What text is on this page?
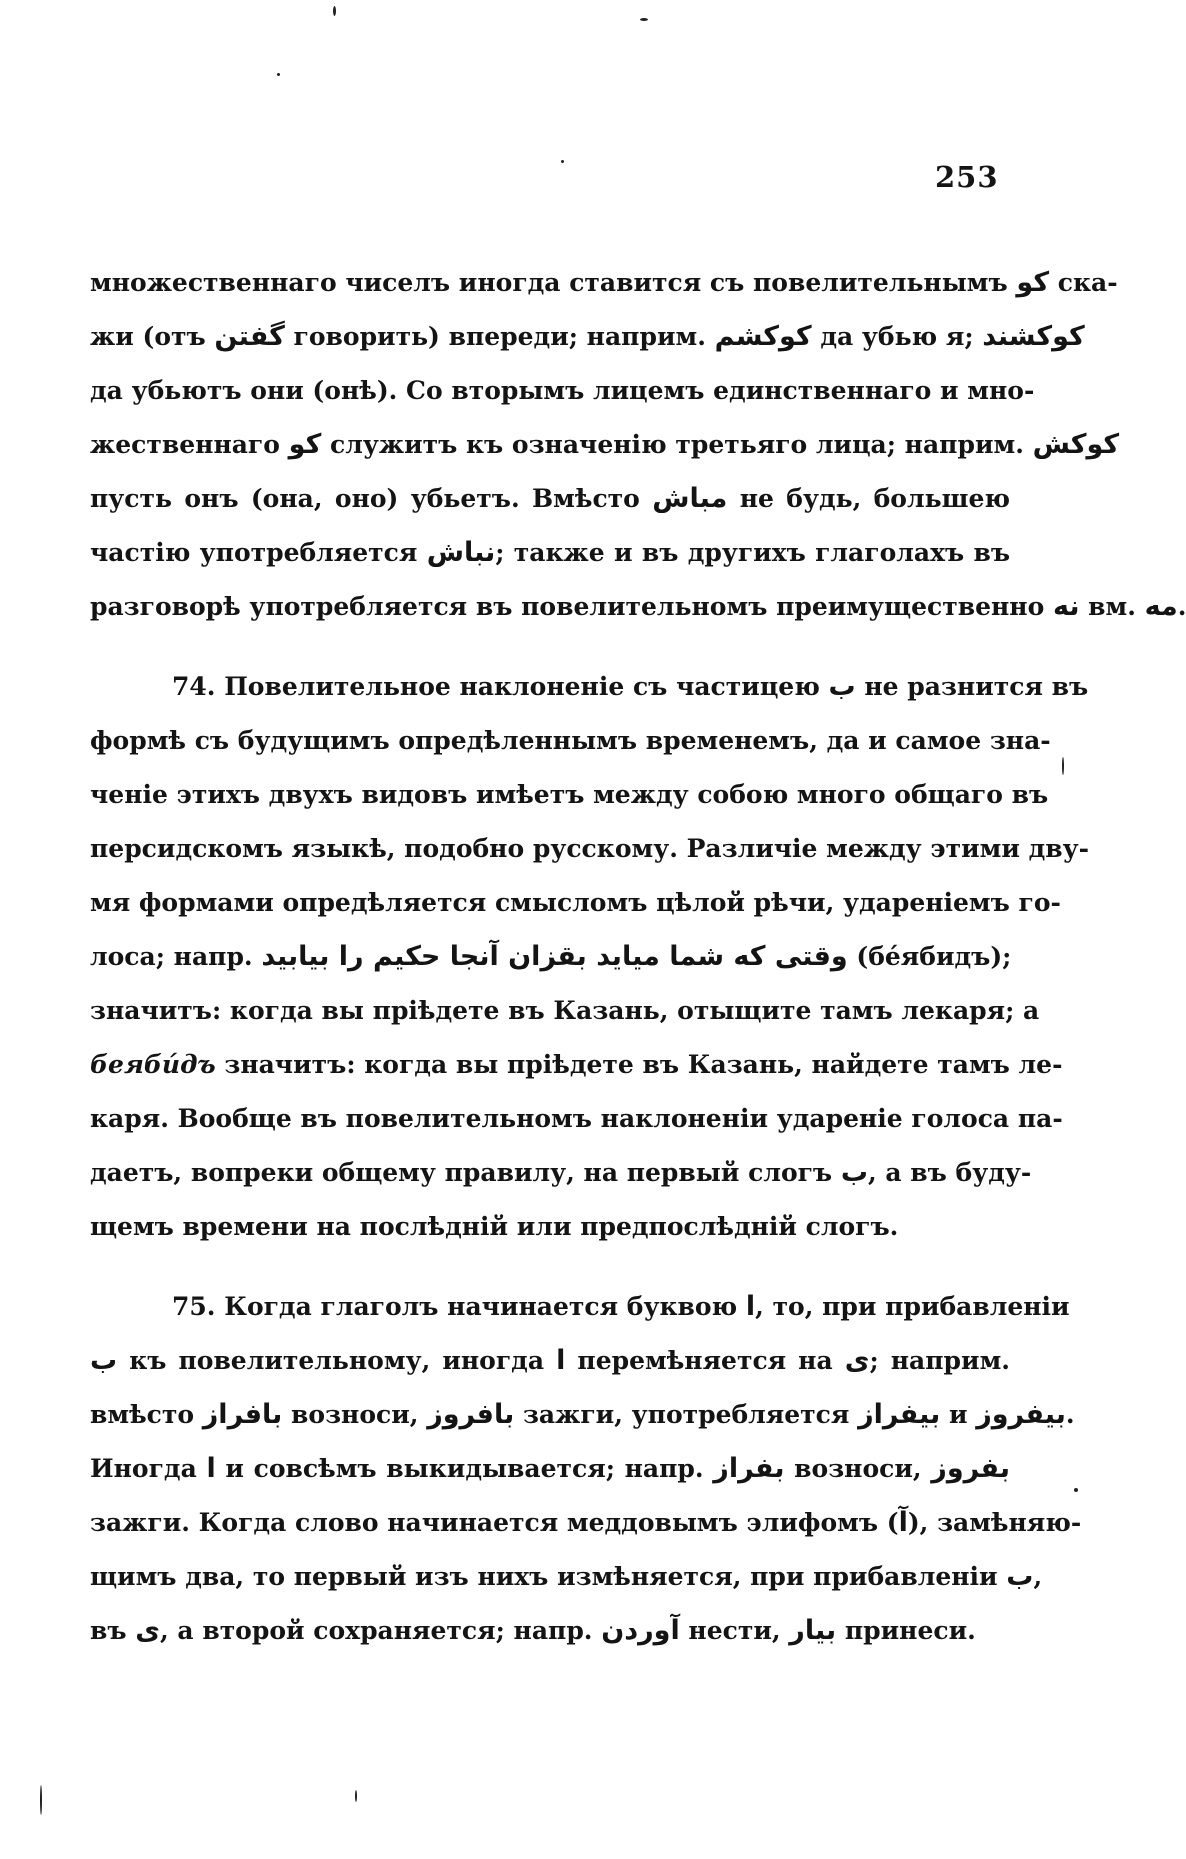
253
множественнаго чиселъ иногда ставится съ повелительнымъ کو ска-
жи (отъ گفتن говорить) впереди; наприм. کوکشم да убью я; کوکشند
да убьютъ они (онѣ). Со вторымъ лицемъ единственнаго и мно-
жественнаго کو служитъ къ означенію третьяго лица; наприм. کوکش
пусть онъ (она, оно) убьетъ. Вмѣсто مباش не будь, большею
частію употребляется نباش; также и въ другихъ глаголахъ въ
разговорѣ употребляется въ повелительномъ преимущественно نه вм. مه.
74. Повелительное наклоненіе съ частицею ب не разнится въ
формѣ съ будущимъ опредѣленнымъ временемъ, да и самое зна-
ченіе этихъ двухъ видовъ имѣетъ между собою много общаго въ
персидскомъ языкѣ, подобно русскому. Различіе между этими дву-
мя формами опредѣляется смысломъ цѣлой рѣчи, удареніемъ го-
лоса; напр. وقتی که شما میاید بقزان آنجا حکیم را بیابید (бéябидъ);
значитъ: когда вы пріѣдете въ Казань, отыщите тамъ лекаря; а
беябúдъ значитъ: когда вы пріѣдете въ Казань, найдете тамъ ле-
каря. Вообще въ повелительномъ наклоненіи удареніе голоса па-
даетъ, вопреки общему правилу, на первый слогъ ب, а въ буду-
щемъ времени на послѣдній или предпослѣдній слогъ.
75. Когда глаголъ начинается буквою ا, то, при прибавленіи
ب къ повелительному, иногда ا перемѣняется на ی; наприм.
вмѣсто بافراز возноси, بافروز зажги, употребляется بیفراز и بیفروز.
Иногда ا и совсѣмъ выкидывается; напр. بفراز возноси, بفروز
зажги. Когда слово начинается меддовымъ элифомъ (آ), замѣняю-
щимъ два, то первый изъ нихъ измѣняется, при прибавленіи ب,
въ ی, а второй сохраняется; напр. آوردن нести, بیار принеси.
